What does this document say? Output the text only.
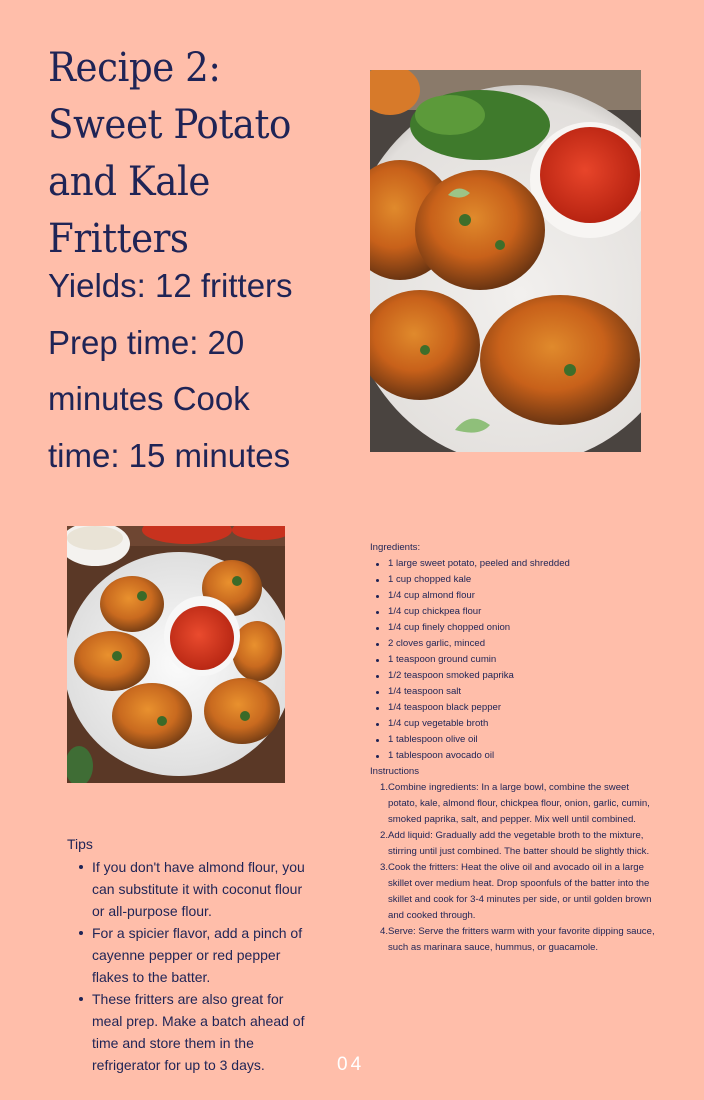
Recipe 2: Sweet Potato and Kale Fritters
Yields: 12 fritters Prep time: 20 minutes Cook time: 15 minutes
Ingredients:
1 large sweet potato, peeled and shredded
1 cup chopped kale
1/4 cup almond flour
1/4 cup chickpea flour
1/4 cup finely chopped onion
2 cloves garlic, minced
1 teaspoon ground cumin
1/2 teaspoon smoked paprika
1/4 teaspoon salt
1/4 teaspoon black pepper
1/4 cup vegetable broth
1 tablespoon olive oil
1 tablespoon avocado oil
Instructions
1. Combine ingredients: In a large bowl, combine the sweet potato, kale, almond flour, chickpea flour, onion, garlic, cumin, smoked paprika, salt, and pepper. Mix well until combined.
2. Add liquid: Gradually add the vegetable broth to the mixture, stirring until just combined. The batter should be slightly thick.
3. Cook the fritters: Heat the olive oil and avocado oil in a large skillet over medium heat. Drop spoonfuls of the batter into the skillet and cook for 3-4 minutes per side, or until golden brown and cooked through.
4. Serve: Serve the fritters warm with your favorite dipping sauce, such as marinara sauce, hummus, or guacamole.
Tips
If you don't have almond flour, you can substitute it with coconut flour or all-purpose flour.
For a spicier flavor, add a pinch of cayenne pepper or red pepper flakes to the batter.
These fritters are also great for meal prep. Make a batch ahead of time and store them in the refrigerator for up to 3 days.	04
